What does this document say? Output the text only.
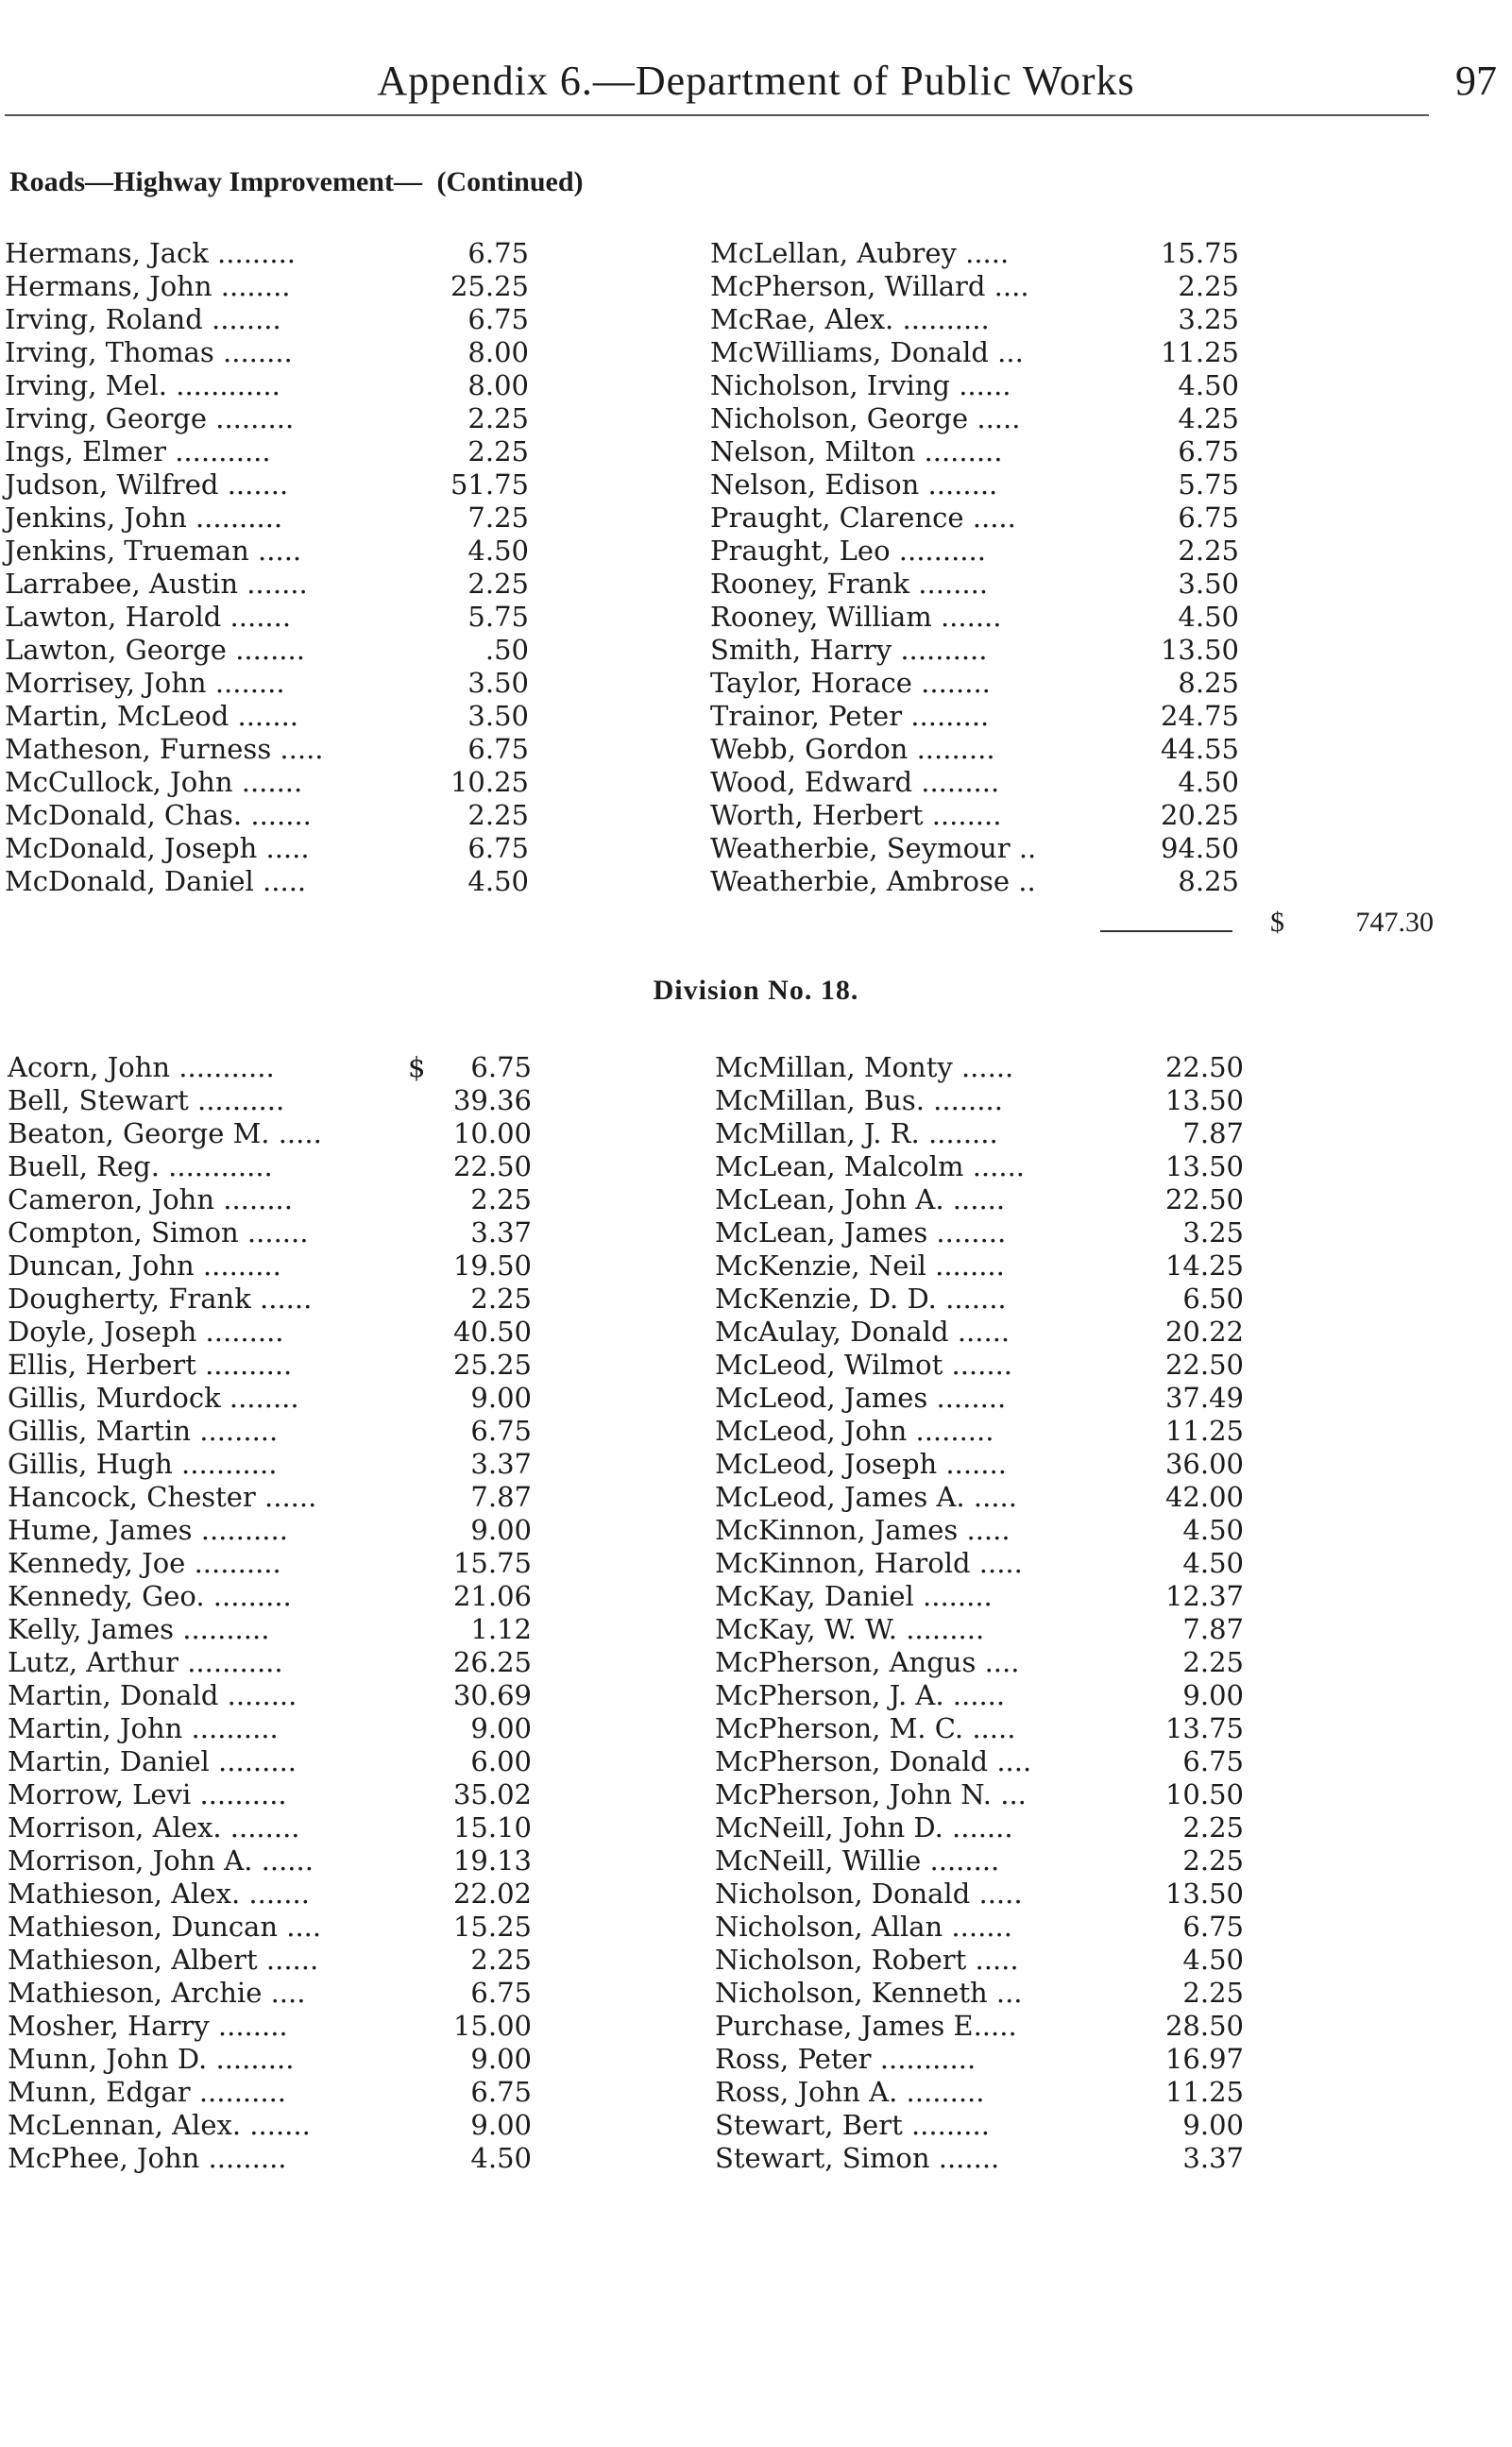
Appendix 6.—Department of Public Works	97
Roads—Highway Improvement— (Continued)
Hermans, Jack .........	6.75
Hermans, John ........	25.25
Irving, Roland ........	6.75
Irving, Thomas ........	8.00
Irving, Mel. ............	8.00
Irving, George .........	2.25
Ings, Elmer ...........	2.25
Judson, Wilfred .......	51.75
Jenkins, John ..........	7.25
Jenkins, Trueman .....	4.50
Larrabee, Austin .......	2.25
Lawton, Harold .......	5.75
Lawton, George ........	.50
Morrisey, John ........	3.50
Martin, McLeod .......	3.50
Matheson, Furness .....	6.75
McCullock, John .......	10.25
McDonald, Chas. .......	2.25
McDonald, Joseph .....	6.75
McDonald, Daniel .....	4.50
McLellan, Aubrey .....	15.75
McPherson, Willard ....	2.25
McRae, Alex. ..........	3.25
McWilliams, Donald ...	11.25
Nicholson, Irving ......	4.50
Nicholson, George .....	4.25
Nelson, Milton .........	6.75
Nelson, Edison ........	5.75
Praught, Clarence .....	6.75
Praught, Leo ..........	2.25
Rooney, Frank ........	3.50
Rooney, William .......	4.50
Smith, Harry ..........	13.50
Taylor, Horace ........	8.25
Trainor, Peter .........	24.75
Webb, Gordon .........	44.55
Wood, Edward .........	4.50
Worth, Herbert ........	20.25
Weatherbie, Seymour ..	94.50
Weatherbie, Ambrose ..	8.25
$	747.30
Division No. 18.
Acorn, John ...........	6.75
Bell, Stewart ..........	39.36
Beaton, George M. .....	10.00
Buell, Reg. ............	22.50
Cameron, John ........	2.25
Compton, Simon .......	3.37
Duncan, John .........	19.50
Dougherty, Frank ......	2.25
Doyle, Joseph .........	40.50
Ellis, Herbert ..........	25.25
Gillis, Murdock ........	9.00
Gillis, Martin .........	6.75
Gillis, Hugh ...........	3.37
Hancock, Chester ......	7.87
Hume, James ..........	9.00
Kennedy, Joe ..........	15.75
Kennedy, Geo. .........	21.06
Kelly, James ..........	1.12
Lutz, Arthur ...........	26.25
Martin, Donald ........	30.69
Martin, John ..........	9.00
Martin, Daniel .........	6.00
Morrow, Levi ..........	35.02
Morrison, Alex. ........	15.10
Morrison, John A. ......	19.13
Mathieson, Alex. .......	22.02
Mathieson, Duncan ....	15.25
Mathieson, Albert ......	2.25
Mathieson, Archie ....	6.75
Mosher, Harry ........	15.00
Munn, John D. .........	9.00
Munn, Edgar ..........	6.75
McLennan, Alex. .......	9.00
McPhee, John .........	4.50
McMillan, Monty ......	22.50
McMillan, Bus. ........	13.50
McMillan, J. R. ........	7.87
McLean, Malcolm ......	13.50
McLean, John A. ......	22.50
McLean, James ........	3.25
McKenzie, Neil ........	14.25
McKenzie, D. D. .......	6.50
McAulay, Donald ......	20.22
McLeod, Wilmot .......	22.50
McLeod, James ........	37.49
McLeod, John .........	11.25
McLeod, Joseph .......	36.00
McLeod, James A. .....	42.00
McKinnon, James .....	4.50
McKinnon, Harold .....	4.50
McKay, Daniel ........	12.37
McKay, W. W. .........	7.87
McPherson, Angus ....	2.25
McPherson, J. A. ......	9.00
McPherson, M. C. .....	13.75
McPherson, Donald ....	6.75
McPherson, John N. ...	10.50
McNeill, John D. .......	2.25
McNeill, Willie ........	2.25
Nicholson, Donald .....	13.50
Nicholson, Allan .......	6.75
Nicholson, Robert .....	4.50
Nicholson, Kenneth ...	2.25
Purchase, James E.....	28.50
Ross, Peter ...........	16.97
Ross, John A. .........	11.25
Stewart, Bert .........	9.00
Stewart, Simon .......	3.37
$
